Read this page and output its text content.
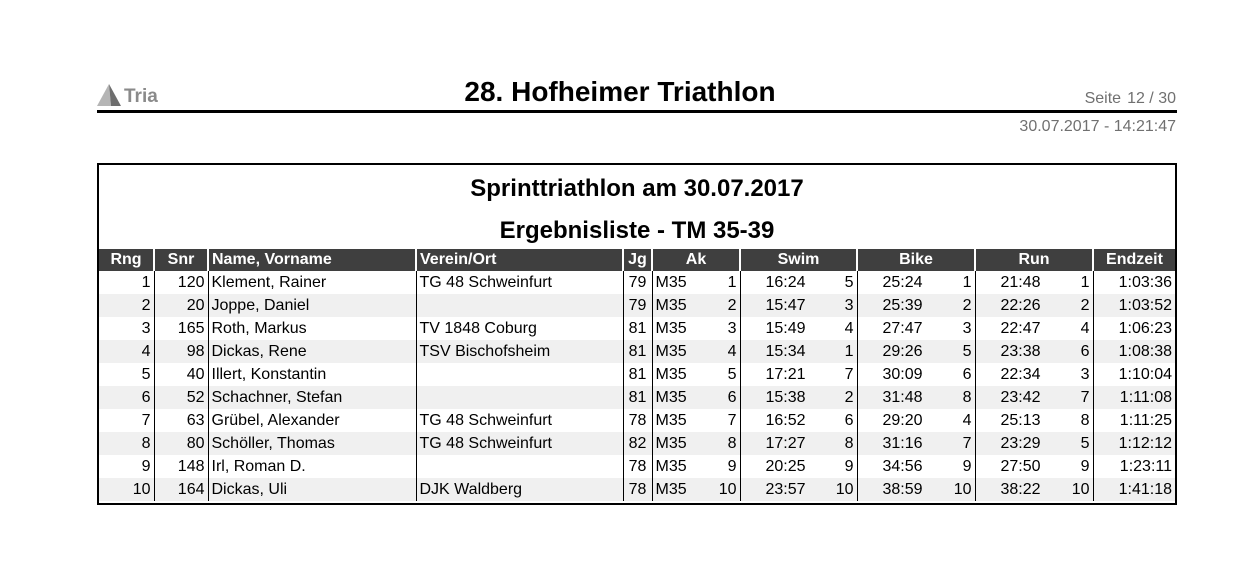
Tria	28. Hofheimer Triathlon	Seite 12 / 30
30.07.2017 - 14:21:47
Sprinttriathlon am 30.07.2017
Ergebnisliste - TM 35-39
Rng	Snr	Name, Vorname	Verein/Ort	Jg	Ak	Swim	Bike	Run	Endzeit
1	120	Klement, Rainer	TG 48 Schweinfurt	79	M35 1	16:24 5	25:24 1	21:48 1	1:03:36
2	20	Joppe, Daniel		79	M35 2	15:47 3	25:39 2	22:26 2	1:03:52
3	165	Roth, Markus	TV 1848 Coburg	81	M35 3	15:49 4	27:47 3	22:47 4	1:06:23
4	98	Dickas, Rene	TSV Bischofsheim	81	M35 4	15:34 1	29:26 5	23:38 6	1:08:38
5	40	Illert, Konstantin		81	M35 5	17:21 7	30:09 6	22:34 3	1:10:04
6	52	Schachner, Stefan		81	M35 6	15:38 2	31:48 8	23:42 7	1:11:08
7	63	Grübel, Alexander	TG 48 Schweinfurt	78	M35 7	16:52 6	29:20 4	25:13 8	1:11:25
8	80	Schöller, Thomas	TG 48 Schweinfurt	82	M35 8	17:27 8	31:16 7	23:29 5	1:12:12
9	148	Irl, Roman D.		78	M35 9	20:25 9	34:56 9	27:50 9	1:23:11
10	164	Dickas, Uli	DJK Waldberg	78	M35 10	23:57 10	38:59 10	38:22 10	1:41:18
